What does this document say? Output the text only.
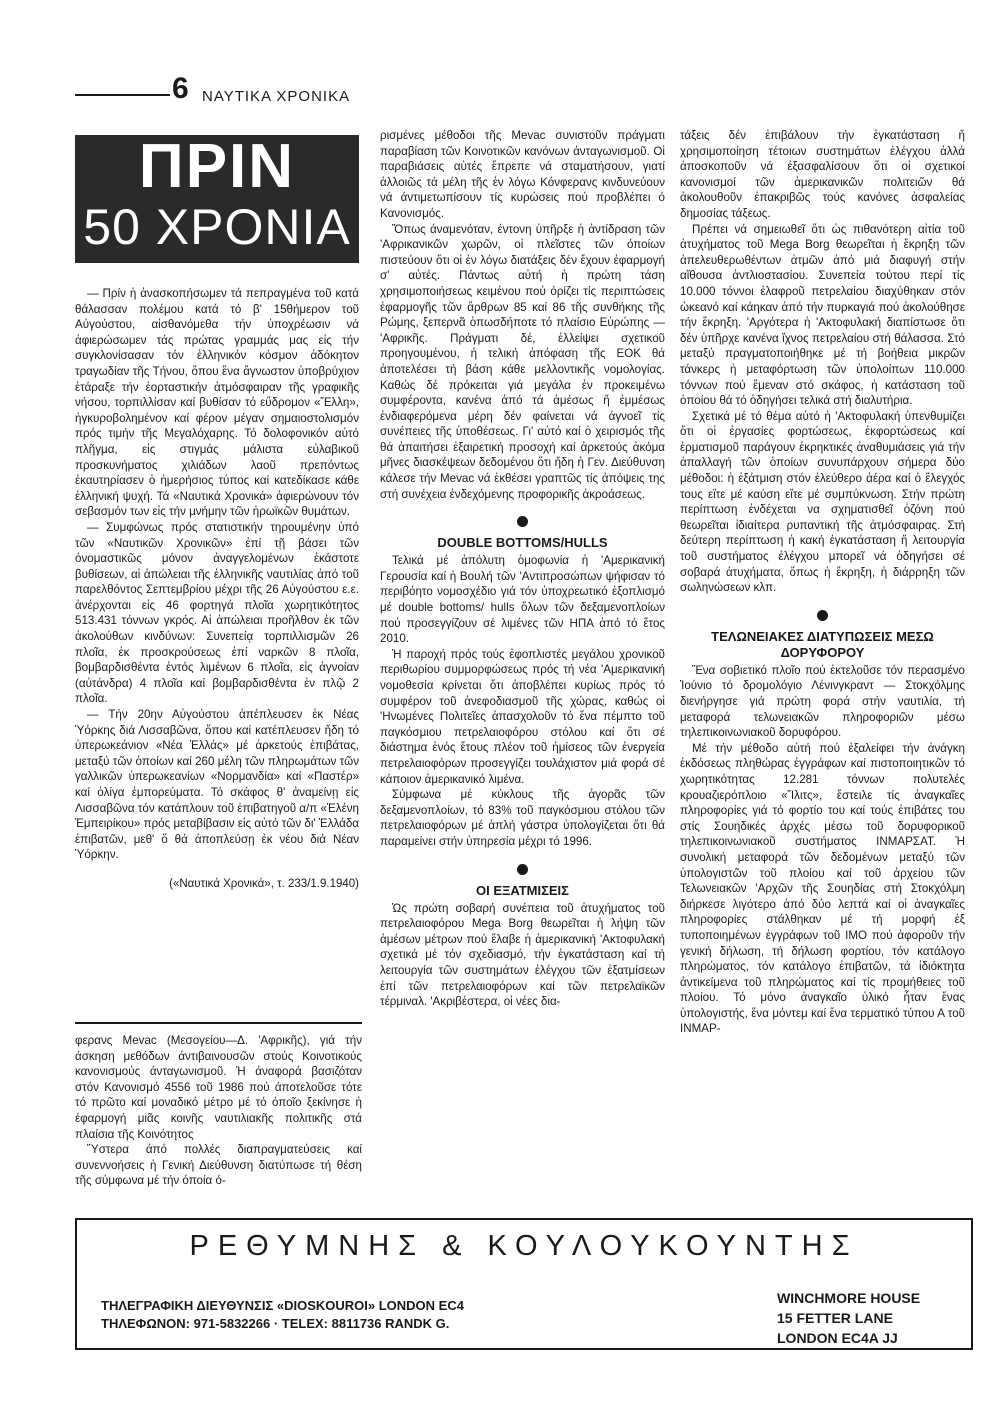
6 ΝΑΥΤΙΚΑ ΧΡΟΝΙΚΑ
ΠΡΙΝ
50 ΧΡΟΝΙΑ

— Πρίν ἡ ἀνασκοπήσωμεν τά πεπραγμένα τοῦ κατά θάλασσαν πολέμου κατά τό β' 15θήμερον τοῦ Αὐγούστου, αἰσθανόμεθα τήν ὑποχρέωσιν νά ἀφιερώσωμεν τάς πρώτας γραμμάς μας εἰς τήν συγκλονίσασαν τόν ἑλληνικόν κόσμον ἀδόκητον τραγωδίαν τῆς Τήνου, ὅπου ἕνα ἄγνωστον ὑποβρύχιον ἐτάραξε τήν ἑορταστικήν ἀτμόσφαιραν τῆς γραφικῆς νήσου, τορπιλλίσαν καί βυθίσαν τό εὔδρομον «Ἕλλη», ἠγκυροβολημένον καί φέρον μέγαν σημαιοστολισμόν πρός τιμήν τῆς Μεγαλόχαρης. Τό δολοφονικόν αὐτό πλῆγμα, εἰς στιγμάς μάλιστα εὐλαβικοῦ προσκυνήματος χιλιάδων λαοῦ πρεπόντως ἐκαυτηρίασεν ὁ ἡμερήσιος τύπος καί κατεδίκασε κάθε ἑλληνική ψυχή. Τά «Ναυτικά Χρονικά» ἀφιερώνουν τόν σεβασμόν των εἰς τήν μνήμην τῶν ἡρωϊκῶν θυμάτων.

— Συμφώνως πρός στατιστικήν τηρουμένην ὑπό τῶν «Ναυτικῶν Χρονικῶν» ἐπί τῇ βάσει τῶν ὀνομαστικῶς μόνον ἀναγγελομένων ἑκάστοτε βυθίσεων, αἱ ἀπώλειαι τῆς ἑλληνικῆς ναυτιλίας ἀπό τοῦ παρελθόντος Σεπτεμβρίου μέχρι τῆς 26 Αὐγούστου ε.ε. ἀνέρχονται εἰς 46 φορτηγά πλοῖα χωρητικότητος 513.431 τόννων γκρός. Αἱ ἀπώλειαι προῆλθον ἐκ τῶν ἀκολούθων κινδύνων: Συνεπείᾳ τορπιλλισμῶν 26 πλοῖα, ἐκ προσκρούσεως ἐπί ναρκῶν 8 πλοῖα, βομβαρδισθέντα ἐντός λιμένων 6 πλοῖα, εἰς ἀγνοίαν (αὐτάνδρα) 4 πλοῖα καί βομβαρδισθέντα ἐν πλῷ 2 πλοῖα.

— Τήν 20ην Αὐγούστου ἀπέπλευσεν ἐκ Νέας Ὑόρκης διά Λισσαβῶνα, ὅπου καί κατέπλευσεν ἤδη τό ὑπερωκεάνιον «Νέα Ἑλλάς» μέ ἀρκετούς ἐπιβάτας, μεταξύ τῶν ὁποίων καί 260 μέλη τῶν πληρωμάτων τῶν γαλλικῶν ὑπερωκεανίων «Νορμανδία» καί «Παστέρ» καί ὀλίγα ἐμπορεύματα. Τό σκάφος θ' ἀναμείνῃ εἰς Λισσαβῶνα τόν κατάπλουν τοῦ ἐπιβατηγοῦ α/π «Ἑλένη Ἐμπειρίκου» πρός μεταβίβασιν εἰς αὐτό τῶν δι' Ἑλλάδα ἐπιβατῶν, μεθ' ὅ θά ἀποπλεύσῃ ἐκ νέου διά Νέαν Ὑόρκην.

(«Ναυτικά Χρονικά», τ. 233/1.9.1940)

φερανς Mevac (Μεσογείου—Δ. 'Αφρικῆς), γιά τήν άσκηση μεθόδων άντιβαινουσῶν στούς Κοινοτικούς κανονισμούς άνταγωνισμοῦ. Ἡ άναφορά βασιζόταν στόν Κανονισμό 4556 τοῦ 1986 πού άποτελοῦσε τότε τό πρῶτο καί μοναδικό μέτρο μέ τό όποῖο ξεκίνησε ἡ έφαρμογή μιᾶς κοινῆς ναυτιλιακῆς πολιτικῆς στά πλαίσια τῆς Κοινότητος

Ὕστερα άπό πολλές διαπραγματεύσεις καί συνεννοήσεις ἡ Γενική Διεύθυνση διατύπωσε τή θέση τῆς σύμφωνα μέ τήν όποία ό-

ρισμένες μέθοδοι τῆς Mevac συνιστοῦν πράγματι παραβίαση τῶν Κοινοτικῶν κανόνων άνταγωνισμοῦ. Οἱ παραβιάσεις αὐτές ἔπρεπε νά σταματήσουν, γιατί ἀλλοιῶς τά μέλη τῆς ἐν λόγω Κόνφερανς κινδυνεύουν νά άντιμετωπίσουν τίς κυρώσεις πού προβλέπει ό Κανονισμός.

Ὅπως άναμενόταν, έντονη ὑπῆρξε ἡ ἀντίδραση τῶν 'Αφρικανικῶν χωρῶν, οἱ πλεῖστες τῶν όποίων πιστεύουν ὅτι οἱ ἐν λόγω διατάξεις δέν ἔχουν ἐφαρμογή σ' αὐτές. Πάντως αὐτή ἡ πρώτη τάση χρησιμοποιήσεως κειμένου πού όρίζει τίς περιπτώσεις ἐφαρμογῆς τῶν ἄρθρων 85 καί 86 τῆς συνθήκης τῆς Ρώμης, ξεπερνᾶ ὁπωσδήποτε τό πλαίσιο Εὐρώπης — 'Αφρικῆς. Πράγματι δέ, ἐλλείψει σχετικοῦ προηγουμένου, ἡ τελική ἀπόφαση τῆς ΕΟΚ θά ἀποτελέσει τή βάση κάθε μελλοντικῆς νομολογίας. Καθώς δέ πρόκειται γιά μεγάλα ἐν προκειμένω συμφέροντα, κανένα ἀπό τά ἀμέσως ἤ ἐμμέσως ἐνδιαφερόμενα μέρη δέν φαίνεται νά ἀγνοεῖ τίς συνέπειες τῆς ὑποθέσεως. Γι' αὐτό καί ὁ χειρισμός τῆς θά ἀπαιτήσει ἐξαιρετική προσοχή καί ἀρκετούς ἀκόμα μῆνες διασκέψεων δεδομένου ὅτι ἤδη ἡ Γεν. Διεύθυνση κάλεσε τήν Mevac νά ἐκθέσει γραπτῶς τίς ἀπόψεις της στή συνέχεια ἐνδεχόμενης προφορικῆς ἀκροάσεως.

DOUBLE BOTTOMS/HULLS

Τελικά μέ ἀπόλυτη ὁμοφωνία ἡ 'Αμερικανική Γερουσία καί ἡ Βουλή τῶν 'Αντιπροσώπων ψήφισαν τό περιβόητο νομοσχέδιο γιά τόν ὑποχρεωτικό ἐξοπλισμό μέ double bottoms/ hulls ὅλων τῶν δεξαμενοπλοίων πού προσεγγίζουν σέ λιμένες τῶν ΗΠΑ ἀπό τό ἔτος 2010.

Ἡ παροχή πρός τούς ἐφοπλιστές μεγάλου χρονικοῦ περιθωρίου συμμορφώσεως πρός τή νέα 'Αμερικανική νομοθεσία κρίνεται ὅτι ἀποβλέπει κυρίως πρός τό συμφέρον τοῦ ἀνεφοδιασμοῦ τῆς χώρας, καθώς οἱ 'Ηνωμένες Πολιτεῖες ἀπασχολοῦν τό ἕνα πέμπτο τοῦ παγκόσμιου πετρελαιοφόρου στόλου καί ὅτι σέ διάστημα ἑνός ἔτους πλέον τοῦ ἡμίσεος τῶν ἐνεργεία πετρελαιοφόρων προσεγγίζει τουλάχιστον μιά φορά σέ κάποιον ἀμερικανικό λιμένα.

Σύμφωνα μέ κύκλους τῆς ἀγορᾶς τῶν δεξαμενοπλοίων, τό 83% τοῦ παγκόσμιου στόλου τῶν πετρελαιοφόρων μέ ἁπλή γάστρα ὑπολογίζεται ὅτι θά παραμείνει στήν ὑπηρεσία μέχρι τό 1996.

ΟΙ ΕΞΑΤΜΙΣΕΙΣ

Ὡς πρώτη σοβαρή συνέπεια τοῦ ἀτυχήματος τοῦ πετρελαιοφόρου Mega Borg θεωρεῖται ἡ λήψη τῶν ἀμέσων μέτρων πού ἔλαβε ἡ ἀμερικανική 'Ακτοφυλακή σχετικά μέ τόν σχεδιασμό, τήν ἐγκατάσταση καί τή λειτουργία τῶν συστημάτων ἐλέγχου τῶν ἐξατμίσεων ἐπί τῶν πετρελαιοφόρων καί τῶν πετρελαϊκῶν τέρμιναλ. 'Ακριβέστερα, οἱ νέες δια-

τάξεις δέν ἐπιβάλουν τήν ἐγκατάσταση ἤ χρησιμοποίηση τέτοιων συστημάτων ἐλέγχου ἀλλά ἀποσκοποῦν νά ἐξασφαλίσουν ὅτι οἱ σχετικοί κανονισμοί τῶν ἀμερικανικῶν πολιτειῶν θά ἀκολουθοῦν ἐπακριβῶς τούς κανόνες ἀσφαλείας δημοσίας τάξεως.

Πρέπει νά σημειωθεῖ ὅτι ὡς πιθανότερη αἰτία τοῦ ἀτυχήματος τοῦ Mega Borg θεωρεῖται ἡ ἔκρηξη τῶν ἀπελευθερωθέντων ἀτμῶν ἀπό μιά διαφυγή στήν αἴθουσα ἀντλιοστασίου. Συνεπεία τούτου περί τίς 10.000 τόννοι ἐλαφροῦ πετρελαίου διαχύθηκαν στόν ὠκεανό καί κάηκαν ἀπό τήν πυρκαγιά πού ἀκολούθησε τήν ἔκρηξη. 'Αργότερα ἡ 'Ακτοφυλακή διαπίστωσε ὅτι δέν ὑπῆρχε κανένα ἴχνος πετρελαίου στή θάλασσα. Στό μεταξύ πραγματοποιήθηκε μέ τή βοήθεια μικρῶν τάνκερς ἡ μεταφόρτωση τῶν ὑπολοίπων 110.000 τόννων πού ἔμεναν στό σκάφος, ἡ κατάσταση τοῦ ὁποίου θά τό ὁδηγήσει τελικά στή διαλυτήρια.

Σχετικά μέ τό θέμα αὐτό ἡ 'Ακτοφυλακή ὑπενθυμίζει ὅτι οἱ ἐργασίες φορτώσεως, ἐκφορτώσεως καί ἐρματισμοῦ παράγουν ἐκρηκτικές ἀναθυμιάσεις γιά τήν ἀπαλλαγή τῶν ὁποίων συνυπάρχουν σήμερα δύο μέθοδοι: ἡ ἐξάτμιση στόν ἐλεύθερο ἀέρα καί ὁ ἔλεγχός τους εἴτε μέ καύση εἴτε μέ συμπύκνωση. Στήν πρώτη περίπτωση ἐνδέχεται να σχηματισθεῖ ὀζόνη πού θεωρεῖται ἰδιαίτερα ρυπαντική τῆς ἀτμόσφαιρας. Στή δεύτερη περίπτωση ἡ κακή ἐγκατάσταση ἤ λειτουργία τοῦ συστήματος ἐλέγχου μπορεῖ νά ὁδηγήσει σέ σοβαρά ἀτυχήματα, ὅπως ἡ ἔκρηξη, ἡ διάρρηξη τῶν σωληνώσεων κλπ.

ΤΕΛΩΝΕΙΑΚΕΣ ΔΙΑΤΥΠΩΣΕΙΣ ΜΕΣΩ ΔΟΡΥΦΟΡΟΥ

Ἕνα σοβιετικό πλοῖο πού ἐκτελοῦσε τόν περασμένο Ἰούνιο τό δρομολόγιο Λένινγκραντ — Στοκχόλμης διενήργησε γιά πρώτη φορά στήν ναυτιλία, τή μεταφορά τελωνειακῶν πληροφοριῶν μέσω τηλεπικοινωνιακοῦ δορυφόρου.

Μέ τήν μέθοδο αὐτή πού ἐξαλείφει τήν ἀνάγκη ἐκδόσεως πληθώρας ἐγγράφων καί πιστοποιητικῶν τό χωρητικότητας 12.281 τόννων πολυτελές κρουαζιερόπλοιο «Ἴλιτς», ἔστειλε τίς ἀναγκαῖες πληροφορίες γιά τό φορτίο του καί τούς ἐπιβάτες του στίς Σουηδικές ἀρχές μέσω τοῦ δορυφορικοῦ τηλεπικοινωνιακοῦ συστήματος INMAPΣAT. Ἡ συνολική μεταφορά τῶν δεδομένων μεταξύ τῶν ὑπολογιστῶν τοῦ πλοίου καί τοῦ ἀρχείου τῶν Τελωνειακῶν 'Αρχῶν τῆς Σουηδίας στή Στοκχόλμη διήρκεσε λιγότερο ἀπό δύο λεπτά καί οἱ ἀναγκαῖες πληροφορίες στάλθηκαν μέ τή μορφή ἐξ τυποποιημένων ἐγγράφων τοῦ ΙΜΟ πού ἀφοροῦν τήν γενική δήλωση, τή δήλωση φορτίου, τόν κατάλογο πληρώματος, τόν κατάλογο ἐπιβατῶν, τά ἰδιόκτητα ἀντικείμενα τοῦ πληρώματος καί τίς προμήθειες τοῦ πλοίου. Τό μόνο ἀναγκαῖο ὑλικό ἦταν ἕνας ὑπολογιστής, ἕνα μόντεμ καί ἕνα τερματικό τύπου Α τοῦ INMAP-

ΡΕΘΥΜΝΗΣ & ΚΟΥΛΟΥΚΟΥΝΤΗΣ
ΤΗΛΕΓΡΑΦΙΚΗ ΔΙΕΥΘΥΝΣΙΣ «DIOSKOUROI» LONDON EC4
ΤΗΛΕΦΩΝΟΝ: 971-5832266 · TELEX: 8811736 RANDK G.
WINCHMORE HOUSE
15 FETTER LANE
LONDON EC4A JJ
